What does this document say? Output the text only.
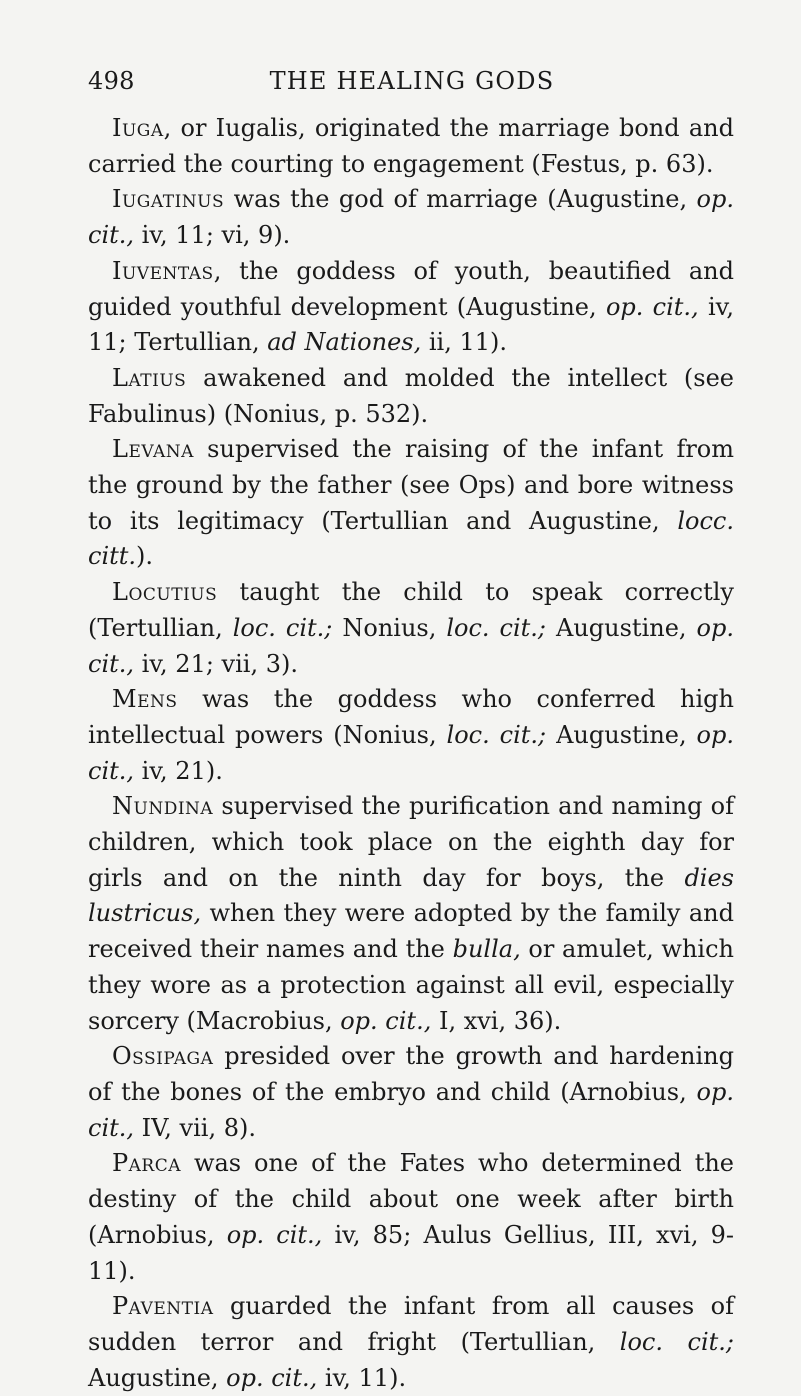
498	THE HEALING GODS

Iuga, or Iugalis, originated the marriage bond and carried the courting to engagement (Festus, p. 63).

Iugatinus was the god of marriage (Augustine, op. cit., iv, 11; vi, 9).

Iuventas, the goddess of youth, beautified and guided youthful development (Augustine, op. cit., iv, 11; Tertullian, ad Nationes, ii, 11).

Latius awakened and molded the intellect (see Fabulinus) (Nonius, p. 532).

Levana supervised the raising of the infant from the ground by the father (see Ops) and bore witness to its legitimacy (Tertullian and Augustine, locc. citt.).

Locutius taught the child to speak correctly (Tertullian, loc. cit.; Nonius, loc. cit.; Augustine, op. cit., iv, 21; vii, 3).

Mens was the goddess who conferred high intellectual powers (Nonius, loc. cit.; Augustine, op. cit., iv, 21).

Nundina supervised the purification and naming of children, which took place on the eighth day for girls and on the ninth day for boys, the dies lustricus, when they were adopted by the family and received their names and the bulla, or amulet, which they wore as a protection against all evil, especially sorcery (Macrobius, op. cit., I, xvi, 36).

Ossipaga presided over the growth and hardening of the bones of the embryo and child (Arnobius, op. cit., IV, vii, 8).

Parca was one of the Fates who determined the destiny of the child about one week after birth (Arnobius, op. cit., iv, 85; Aulus Gellius, III, xvi, 9-11).

Paventia guarded the infant from all causes of sudden terror and fright (Tertullian, loc. cit.; Augustine, op. cit., iv, 11).
